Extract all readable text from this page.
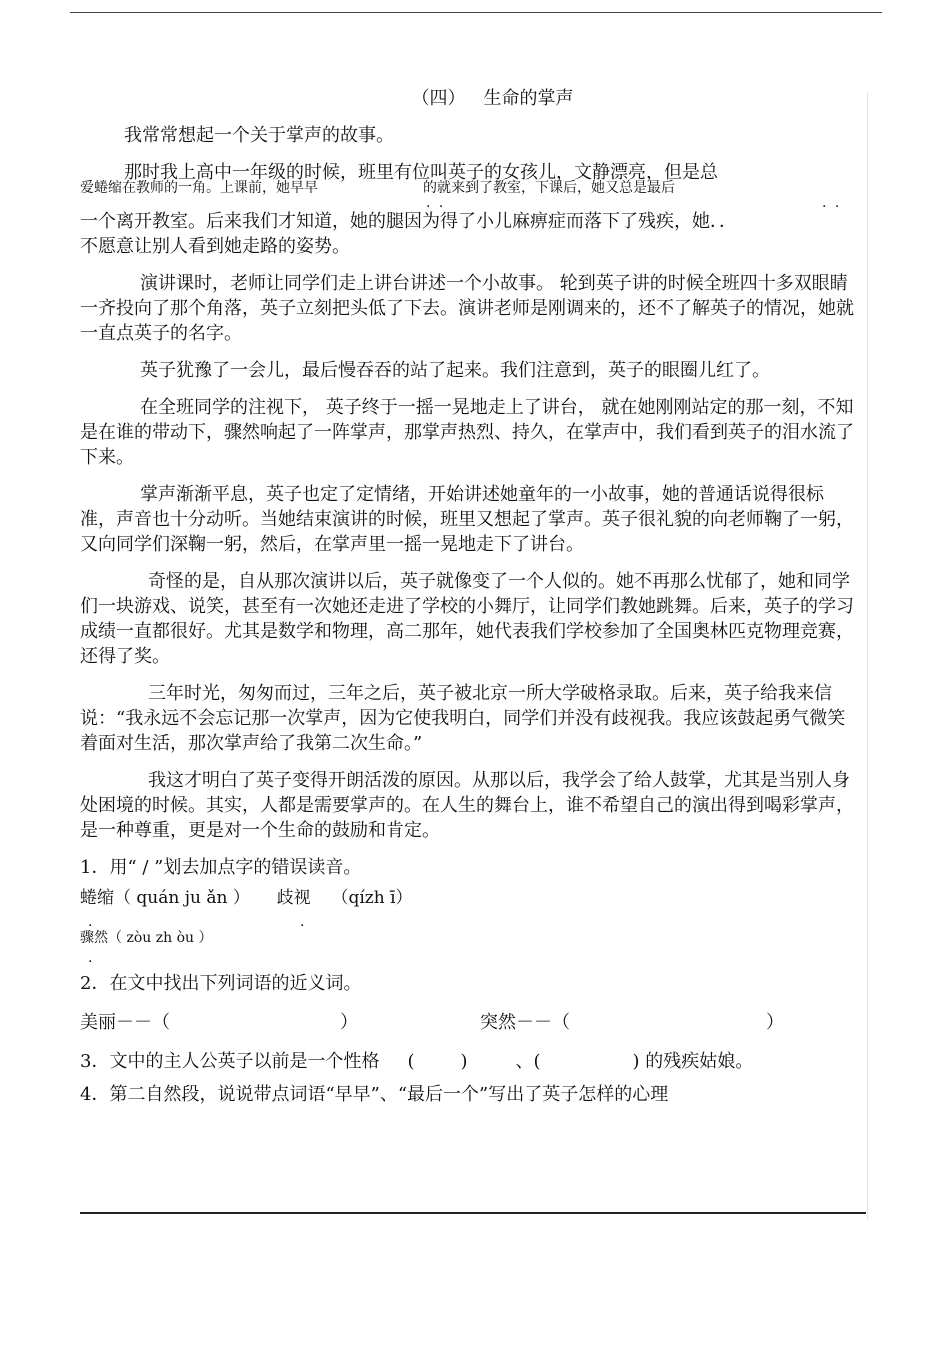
（四） 生命的掌声

我常常想起一个关于掌声的故事。

那时我上高中一年级的时候，班里有位叫英子的女孩儿，文静漂亮，但是总
爱蜷缩在教师的一角。上课前，她早早	的就来到了教室，下课后，她又总是最后
. .	. .
一个离开教室。后来我们才知道，她的腿因为得了小儿麻痹症而落下了残疾，她．．
不愿意让别人看到她走路的姿势。

演讲课时，老师让同学们走上讲台讲述一个小故事。 轮到英子讲的时候全班四十多双眼睛一齐投向了那个角落，英子立刻把头低了下去。演讲老师是刚调来的，还不了解英子的情况，她就一直点英子的名字。

英子犹豫了一会儿，最后慢吞吞的站了起来。我们注意到，英子的眼圈儿红了。

在全班同学的注视下， 英子终于一摇一晃地走上了讲台， 就在她刚刚站定的那一刻，不知是在谁的带动下，骤然响起了一阵掌声，那掌声热烈、持久，在掌声中，我们看到英子的泪水流了下来。

掌声渐渐平息，英子也定了定情绪，开始讲述她童年的一小故事，她的普通话说得很标准，声音也十分动听。当她结束演讲的时候，班里又想起了掌声。英子很礼貌的向老师鞠了一躬，又向同学们深鞠一躬，然后，在掌声里一摇一晃地走下了讲台。

奇怪的是，自从那次演讲以后，英子就像变了一个人似的。她不再那么忧郁了，她和同学们一块游戏、说笑，甚至有一次她还走进了学校的小舞厅，让同学们教她跳舞。后来，英子的学习成绩一直都很好。尤其是数学和物理，高二那年，她代表我们学校参加了全国奥林匹克物理竞赛，还得了奖。

三年时光，匆匆而过，三年之后，英子被北京一所大学破格录取。后来，英子给我来信说：“我永远不会忘记那一次掌声，因为它使我明白，同学们并没有歧视我。我应该鼓起勇气微笑着面对生活，那次掌声给了我第二次生命。”

我这才明白了英子变得开朗活泼的原因。从那以后，我学会了给人鼓掌，尤其是当别人身处困境的时候。其实，人都是需要掌声的。在人生的舞台上，谁不希望自己的演出得到喝彩掌声，是一种尊重，更是对一个生命的鼓励和肯定。

1．用“ / ”划去加点字的错误读音。
蜷缩（ quán ju ǎn ） 歧视 （qízh ī）
.	.
骤然（ zòu zh òu ）
.
2．在文中找出下列词语的近义词。
美丽－－（	）	突然－－（	）
3．文中的主人公英子以前是一个性格 (	)	、(	) 的残疾姑娘。
4．第二自然段，说说带点词语“早早”、“最后一个”写出了英子怎样的心理
